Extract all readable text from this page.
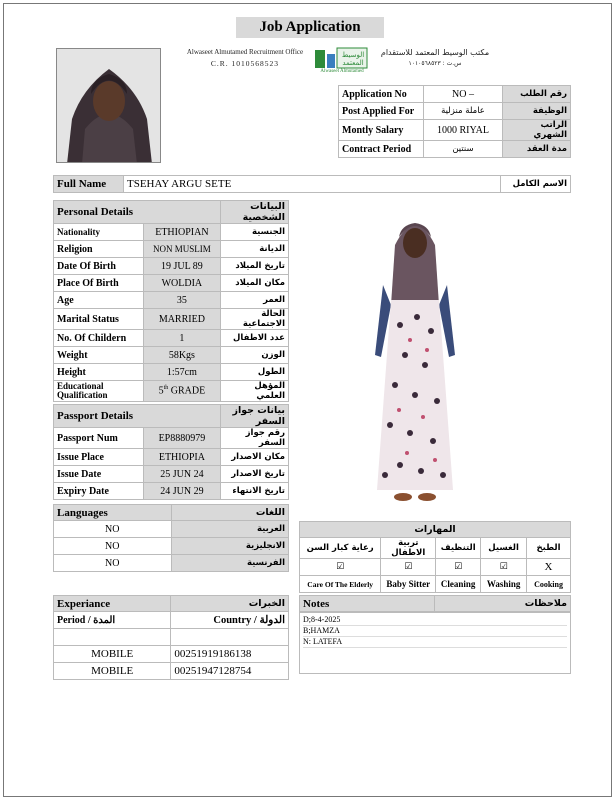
Job Application
Alwaseet Almutamed Recruitment Office
C.R. 1010568523
الوسيط المعتمد
Alwaseet Almutamed
مكتب الوسيط المعتمد للاستقدام
س.ت : ١٠١٠٥٦٨٥٢٣
Application No	NO –	رقم الطلب
Post Applied For	عاملة منزلية	الوظيفة
Montly Salary	1000 RIYAL	الراتب الشهري
Contract Period	سنتين	مدة العقد
Full Name	TSEHAY ARGU SETE	الاسم الكامل
Personal Details		البيانات الشخصية
Nationality	ETHIOPIAN	الجنسية
Religion	NON MUSLIM	الديانة
Date Of Birth	19 JUL 89	تاريخ الميلاد
Place Of Birth	WOLDIA	مكان الميلاد
Age	35	العمر
Marital Status	MARRIED	الحالة الاجتماعية
No. Of Childern	1	عدد الاطفال
Weight	58Kgs	الوزن
Height	1:57cm	الطول
Educational Qualification	5th GRADE	المؤهل العلمي
Passport Details		بيانات جواز السفر
Passport Num	EP8880979	رقم جواز السفر
Issue Place	ETHIOPIA	مكان الاصدار
Issue Date	25 JUN 24	تاريخ الاصدار
Expiry Date	24 JUN 29	تاريخ الانتهاء
Languages	اللغات
NO	العربية
NO	الانجليزية
NO	الفرنسية
المهارات				
رعاية كبار السن	تربية الاطفال	التنظيف	الغسيل	الطبخ
☑	☑	☑	☑	X
Care Of The Elderly	Baby Sitter	Cleaning	Washing	Cooking
Experiance	الخبرات
Period / المدة	Country / الدولة

MOBILE	00251919186138
MOBILE	00251947128754
Notes	ملاحظات
D;8-4-2025
B;HAMZA
N: LATEFA
